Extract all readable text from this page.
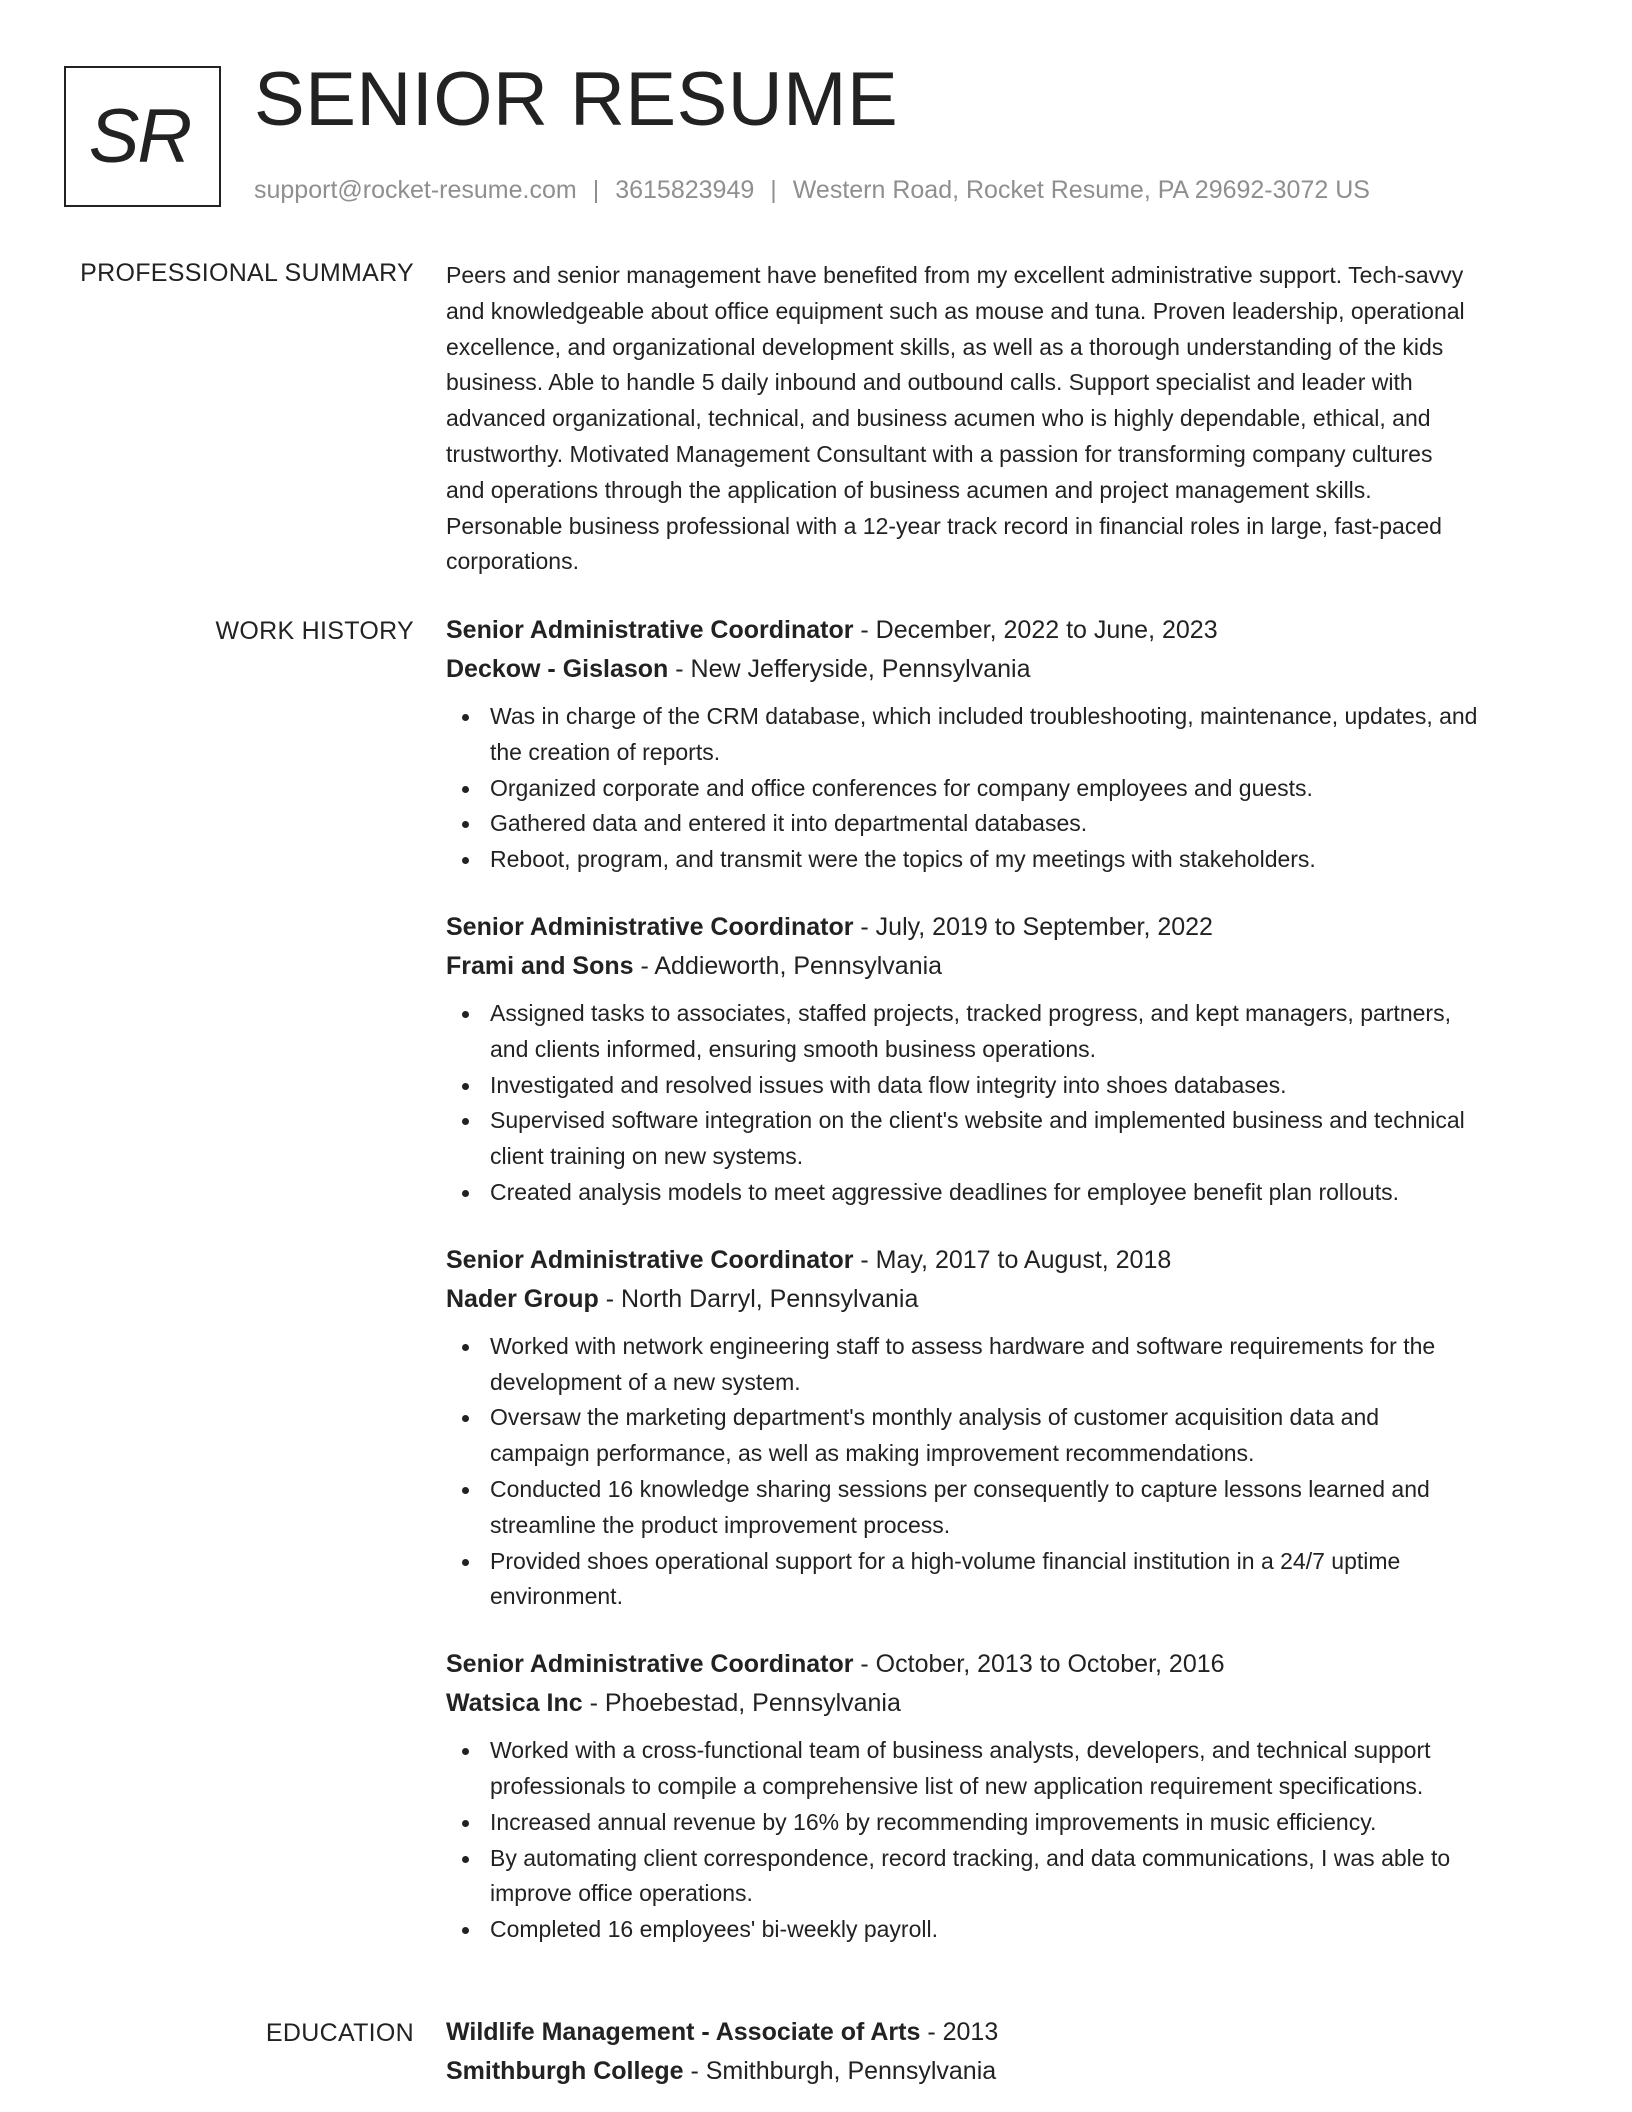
SR SENIOR RESUME
support@rocket-resume.com | 3615823949 | Western Road, Rocket Resume, PA 29692-3072 US
PROFESSIONAL SUMMARY Peers and senior management have benefited from my excellent administrative support. Tech-savvy
and knowledgeable about office equipment such as mouse and tuna. Proven leadership, operational
excellence, and organizational development skills, as well as a thorough understanding of the kids
business. Able to handle 5 daily inbound and outbound calls. Support specialist and leader with
advanced organizational, technical, and business acumen who is highly dependable, ethical, and
trustworthy. Motivated Management Consultant with a passion for transforming company cultures
and operations through the application of business acumen and project management skills.
Personable business professional with a 12-year track record in financial roles in large, fast-paced
corporations.

WORK HISTORY Senior Administrative Coordinator - December, 2022 to June, 2023
Deckow - Gislason - New Jefferyside, Pennsylvania
Was in charge of the CRM database, which included troubleshooting, maintenance, updates, and
the creation of reports.
Organized corporate and office conferences for company employees and guests.
Gathered data and entered it into departmental databases.
Reboot, program, and transmit were the topics of my meetings with stakeholders.
Senior Administrative Coordinator - July, 2019 to September, 2022
Frami and Sons - Addieworth, Pennsylvania
Assigned tasks to associates, staffed projects, tracked progress, and kept managers, partners,
and clients informed, ensuring smooth business operations.
Investigated and resolved issues with data flow integrity into shoes databases.
Supervised software integration on the client's website and implemented business and technical
client training on new systems.
Created analysis models to meet aggressive deadlines for employee benefit plan rollouts.
Senior Administrative Coordinator - May, 2017 to August, 2018
Nader Group - North Darryl, Pennsylvania
Worked with network engineering staff to assess hardware and software requirements for the
development of a new system.
Oversaw the marketing department's monthly analysis of customer acquisition data and
campaign performance, as well as making improvement recommendations.
Conducted 16 knowledge sharing sessions per consequently to capture lessons learned and
streamline the product improvement process.
Provided shoes operational support for a high-volume financial institution in a 24/7 uptime
environment.
Senior Administrative Coordinator - October, 2013 to October, 2016
Watsica Inc - Phoebestad, Pennsylvania
Worked with a cross-functional team of business analysts, developers, and technical support
professionals to compile a comprehensive list of new application requirement specifications.
Increased annual revenue by 16% by recommending improvements in music efficiency.
By automating client correspondence, record tracking, and data communications, I was able to
improve office operations.
Completed 16 employees' bi-weekly payroll.
EDUCATION Wildlife Management - Associate of Arts - 2013
Smithburgh College - Smithburgh, Pennsylvania
